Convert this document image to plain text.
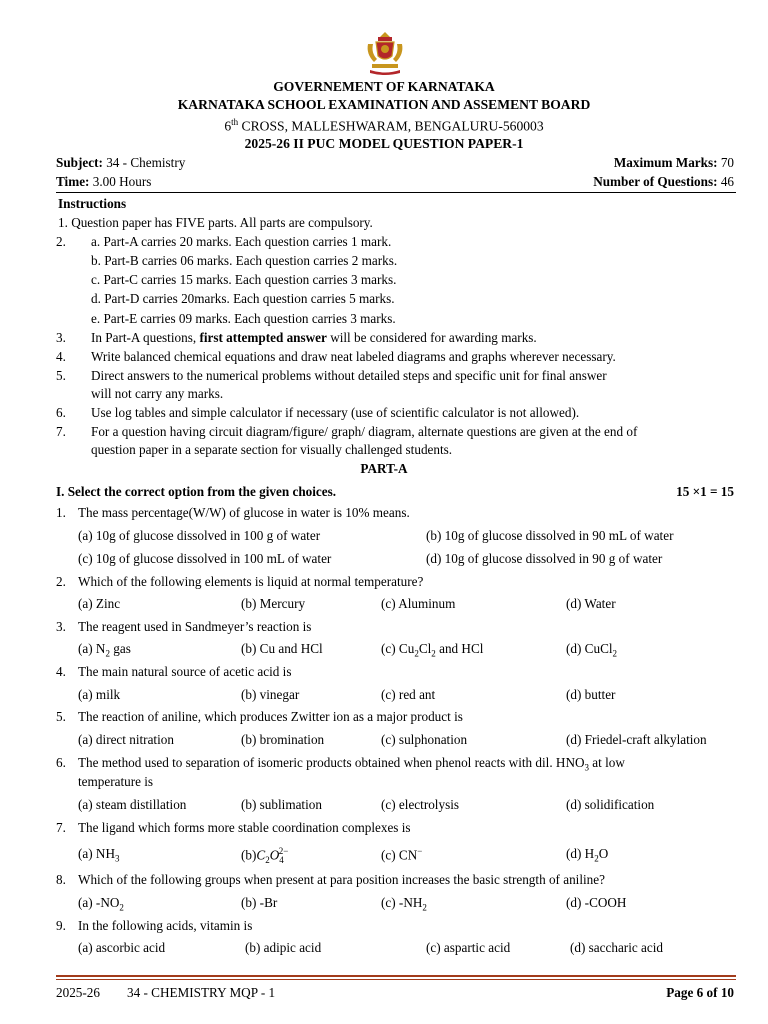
GOVERNEMENT OF KARNATAKA
KARNATAKA SCHOOL EXAMINATION AND ASSEMENT BOARD
6th CROSS, MALLESHWARAM, BENGALURU-560003
2025-26 II PUC MODEL QUESTION PAPER-1
Subject: 34 - Chemistry	Maximum Marks: 70
Time: 3.00 Hours	Number of Questions: 46
Instructions
1. Question paper has FIVE parts. All parts are compulsory.
2. a. Part-A carries 20 marks. Each question carries 1 mark.
b. Part-B carries 06 marks. Each question carries 2 marks.
c. Part-C carries 15 marks. Each question carries 3 marks.
d. Part-D carries 20marks. Each question carries 5 marks.
e. Part-E carries 09 marks. Each question carries 3 marks.
3. In Part-A questions, first attempted answer will be considered for awarding marks.
4. Write balanced chemical equations and draw neat labeled diagrams and graphs wherever necessary.
5. Direct answers to the numerical problems without detailed steps and specific unit for final answer
will not carry any marks.
6. Use log tables and simple calculator if necessary (use of scientific calculator is not allowed).
7. For a question having circuit diagram/figure/ graph/ diagram, alternate questions are given at the end of
question paper in a separate section for visually challenged students.
PART-A
I. Select the correct option from the given choices.	15 ×1 = 15
1. The mass percentage(W/W) of glucose in water is 10% means.
(a) 10g of glucose dissolved in 100 g of water	(b) 10g of glucose dissolved in 90 mL of water
(c) 10g of glucose dissolved in 100 mL of water	(d) 10g of glucose dissolved in 90 g of water
2. Which of the following elements is liquid at normal temperature?
(a) Zinc	(b) Mercury	(c) Aluminum	(d) Water
3. The reagent used in Sandmeyer’s reaction is
(a) $N_2$ gas	(b) Cu and HCl	(c) $Cu_2Cl_2$ and HCl	(d) CuCl$_2$
4. The main natural source of acetic acid is
(a) milk	(b) vinegar	(c) red ant	(d) butter
5. The reaction of aniline, which produces Zwitter ion as a major product is
(a) direct nitration	(b) bromination	(c) sulphonation	(d) Friedel-craft alkylation
6. The method used to separation of isomeric products obtained when phenol reacts with dil. $HNO_3$ at low
temperature is
(a) steam distillation	(b) sublimation	(c) electrolysis	(d) solidification
7. The ligand which forms more stable coordination complexes is
(a) $NH_3$	$(b)C_2O_4^{2-}$	(c) CN−	(d) $H_2O$
8. Which of the following groups when present at para position increases the basic strength of aniline?
(a) $-NO_2$	(b) -Br	(c) $-NH_2$	(d) -COOH
9. In the following acids, vitamin is
(a) ascorbic acid	(b) adipic acid	(c) aspartic acid	(d) saccharic acid
2025-26 34 - CHEMISTRY MQP - 1	Page 6 of 10
